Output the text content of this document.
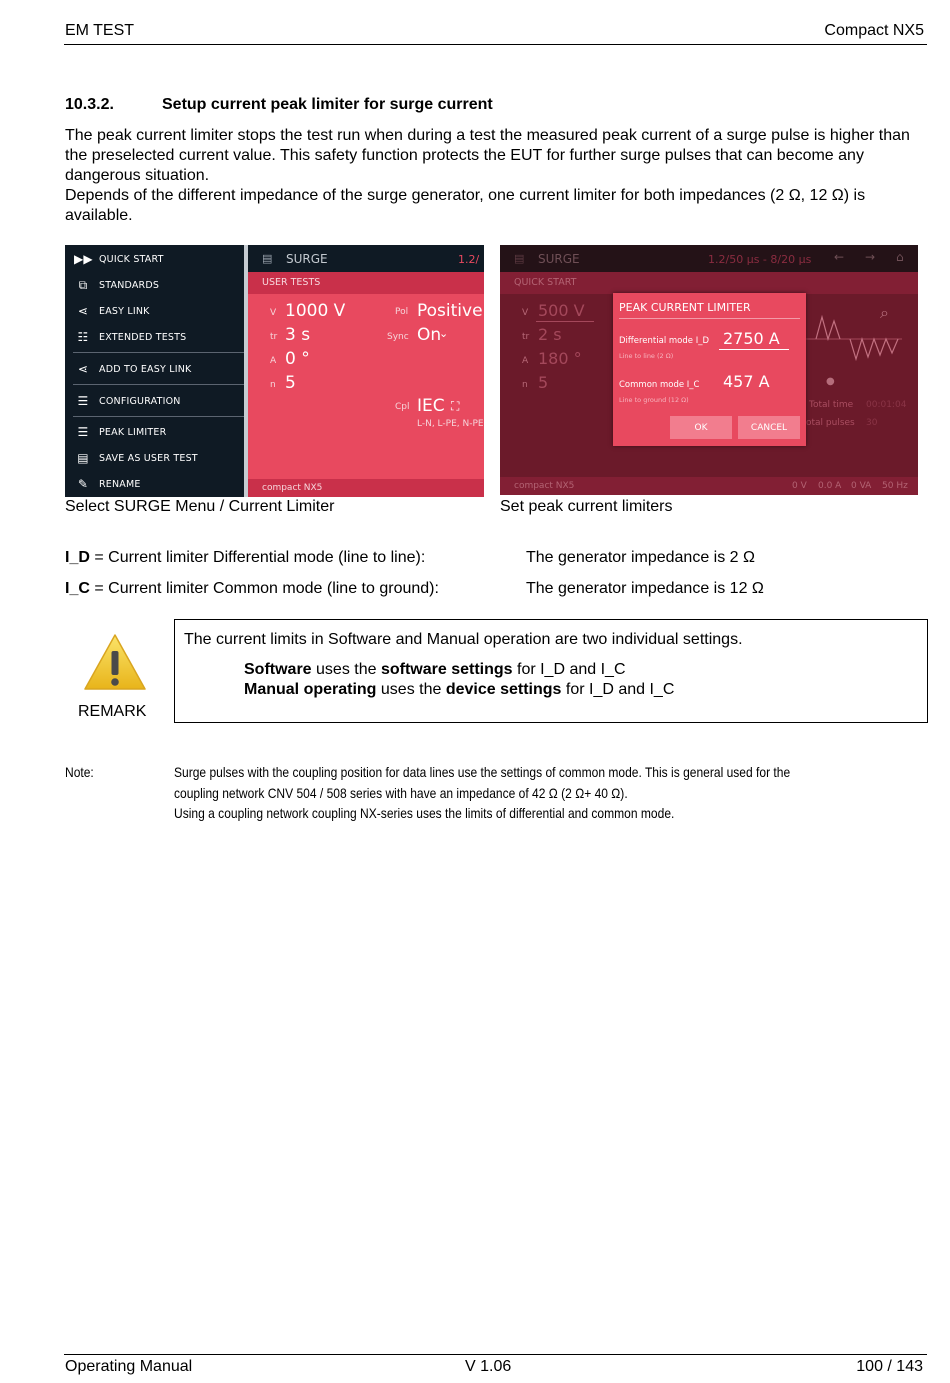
EM TEST	Compact NX5
10.3.2.	Setup current peak limiter for surge current
The peak current limiter stops the test run when during a test the measured peak current of a surge pulse is higher than the preselected current value. This safety function protects the EUT for further surge pulses that can become any dangerous situation.
Depends of the different impedance of the surge generator, one current limiter for both impedances (2 Ω, 12 Ω) is available.
▶▶ QUICK START
⧉	STANDARDS
⋖	EASY LINK
☷	EXTENDED TESTS
⋖	ADD TO EASY LINK
☰	CONFIGURATION
☰	PEAK LIMITER
▤	SAVE AS USER TEST
✎	RENAME
▤ SURGE	1.2/
USER TESTS
V 1000 V
tr 3 s
A 0 °
n 5
Pol Positive
Sync On
⌄
Cpl IEC ⛶
L-N, L-PE, N-PE
compact NX5
Select SURGE Menu / Current Limiter
▤ SURGE	1.2/50 µs - 8/20 µs ← → ⌂
QUICK START
V 500 V
tr 2 s
A 180 °
n 5
⌕
●
Total time 00:01:04
otal pulses 30
PEAK CURRENT LIMITER
Differential mode I_D
Line to line (2 Ω)
2750 A
Common mode I_C
Line to ground (12 Ω)
457 A
OK	CANCEL
compact NX5	0 V 0.0 A 0 VA 50 Hz
Set peak current limiters
I_D = Current limiter Differential mode (line to line):	The generator impedance is 2 Ω
I_C = Current limiter Common mode (line to ground):	The generator impedance is 12 Ω
REMARK
The current limits in Software and Manual operation are two individual settings.
Software uses the software settings for I_D and I_C
Manual operating uses the device settings for I_D and I_C
Note:	Surge pulses with the coupling position for data lines use the settings of common mode. This is general used for the
coupling network CNV 504 / 508 series with have an impedance of 42 Ω (2 Ω+ 40 Ω).
Using a coupling network coupling NX-series uses the limits of differential and common mode.
Operating Manual	V 1.06	100 / 143
